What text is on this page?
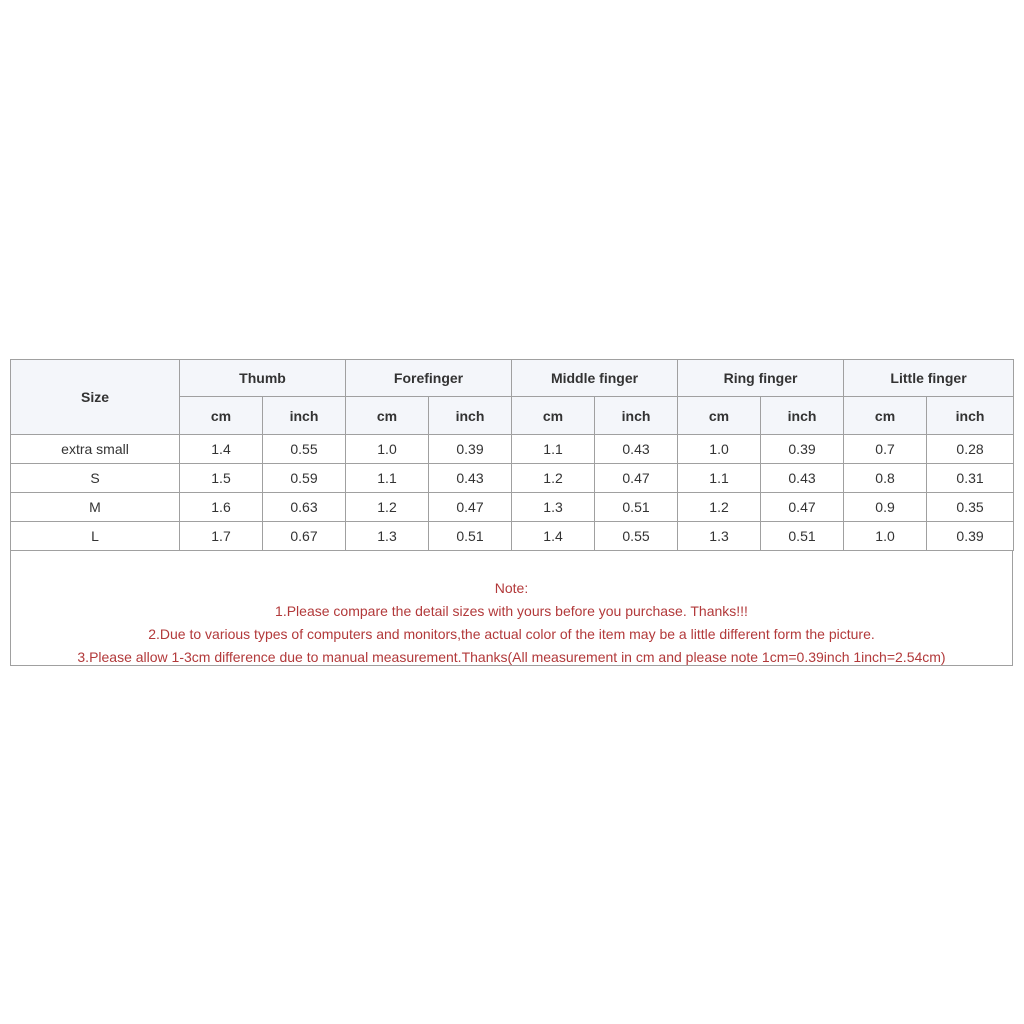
Size	Thumb		Forefinger		Middle finger		Ring finger		Little finger	
	cm	inch	cm	inch	cm	inch	cm	inch	cm	inch
extra small	1.4	0.55	1.0	0.39	1.1	0.43	1.0	0.39	0.7	0.28
S	1.5	0.59	1.1	0.43	1.2	0.47	1.1	0.43	0.8	0.31
M	1.6	0.63	1.2	0.47	1.3	0.51	1.2	0.47	0.9	0.35
L	1.7	0.67	1.3	0.51	1.4	0.55	1.3	0.51	1.0	0.39
Note:
1.Please compare the detail sizes with yours before you purchase. Thanks!!!
2.Due to various types of computers and monitors,the actual color of the item may be a little different form the picture.
3.Please allow 1-3cm difference due to manual measurement.Thanks(All measurement in cm and please note 1cm=0.39inch 1inch=2.54cm)
